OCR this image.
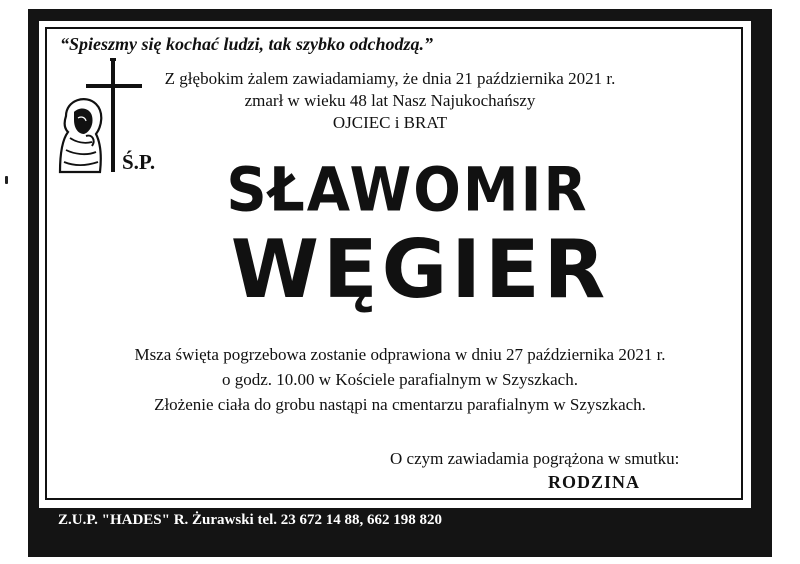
“Spieszmy się kochać ludzi, tak szybko odchodzą.”
Z głębokim żalem zawiadamiamy, że dnia 21 października 2021 r.
zmarł w wieku 48 lat Nasz Najukochańszy
OJCIEC i BRAT
Ś.P.	SŁAWOMIR
WĘGIER
Msza święta pogrzebowa zostanie odprawiona w dniu 27 października 2021 r.
o godz. 10.00 w Kościele parafialnym w Szyszkach.
Złożenie ciała do grobu nastąpi na cmentarzu parafialnym w Szyszkach.
O czym zawiadamia pogrążona w smutku:
RODZINA
Z.U.P. "HADES" R. Żurawski tel. 23 672 14 88, 662 198 820
